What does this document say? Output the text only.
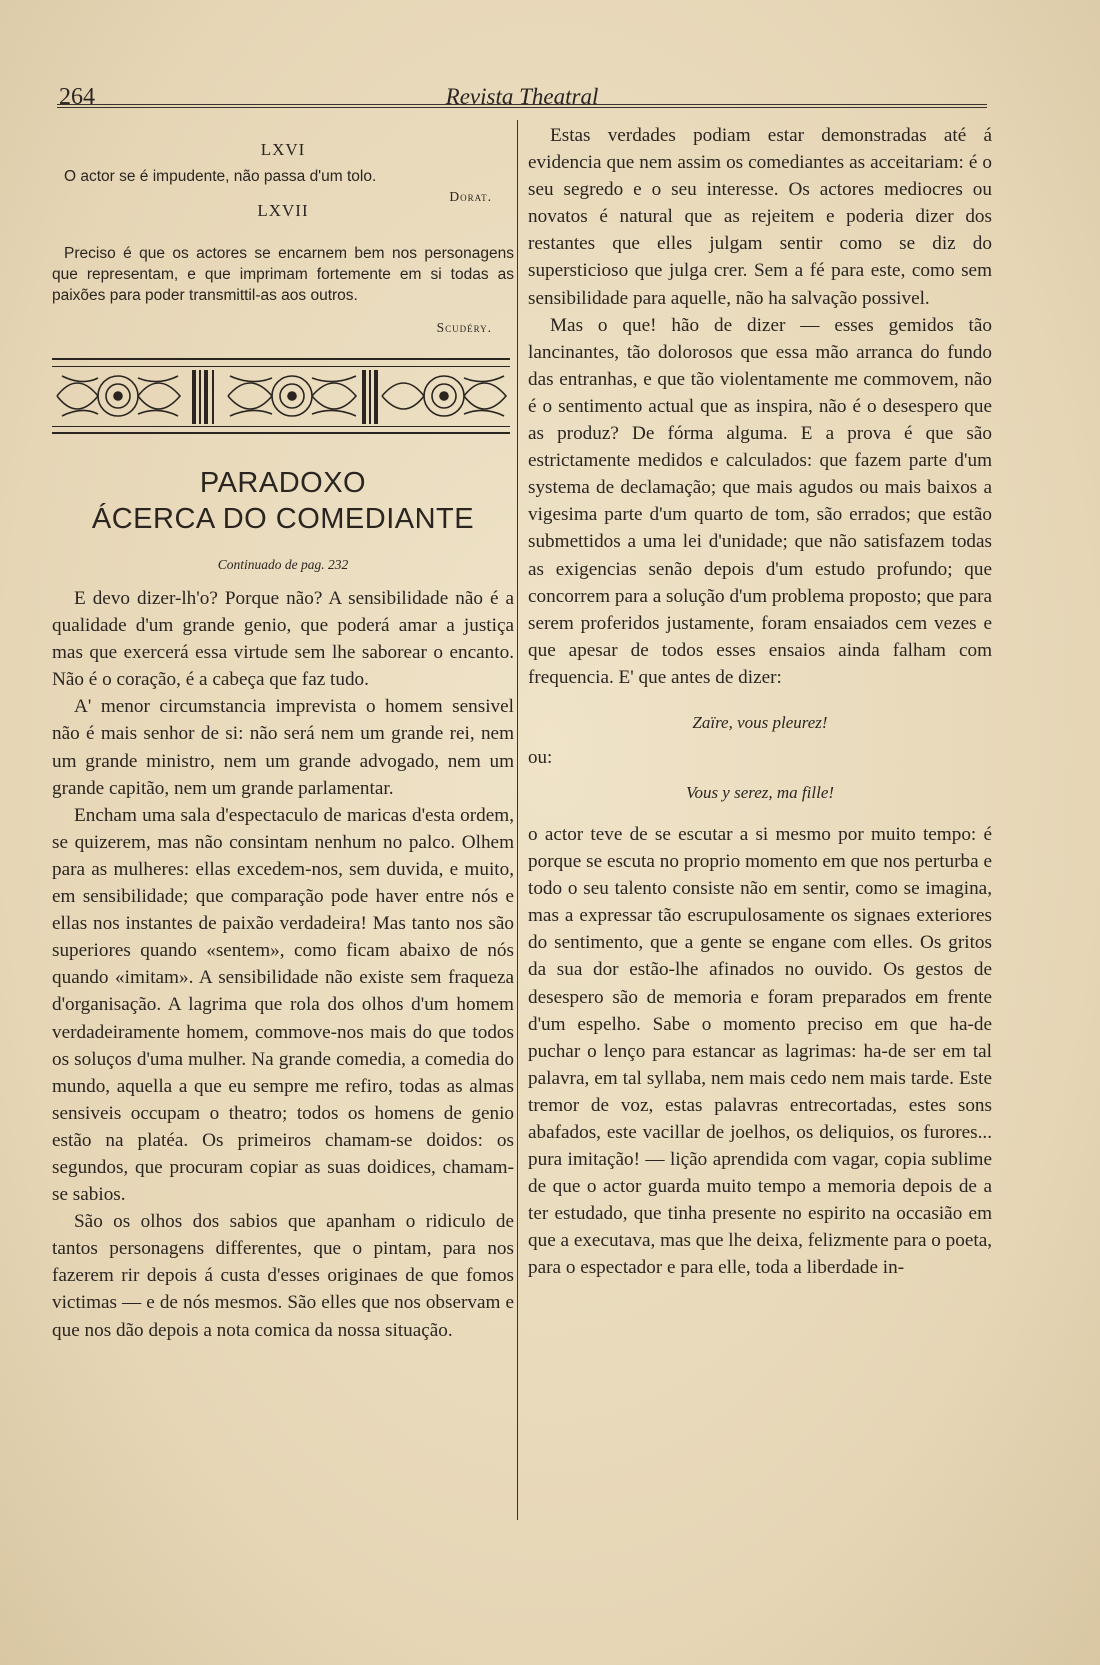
264	Revista Theatral
LXVI

O actor se é impudente, não passa d'um tolo.

Dorat.
LXVII

Preciso é que os actores se encarnem bem nos personagens que representam, e que imprimam fortemente em si todas as paixões para poder transmittil-as aos outros.

Scudéry.
PARADOXO
ÁCERCA DO COMEDIANTE
Continuado de pag. 232

E devo dizer-lh'o? Porque não? A sensibilidade não é a qualidade d'um grande genio, que poderá amar a justiça mas que exercerá essa virtude sem lhe saborear o encanto. Não é o coração, é a cabeça que faz tudo.

A' menor circumstancia imprevista o homem sensivel não é mais senhor de si: não será nem um grande rei, nem um grande ministro, nem um grande advogado, nem um grande capitão, nem um grande parlamentar.

Encham uma sala d'espectaculo de maricas d'esta ordem, se quizerem, mas não consintam nenhum no palco. Olhem para as mulheres: ellas excedem-nos, sem duvida, e muito, em sensibilidade; que comparação pode haver entre nós e ellas nos instantes de paixão verdadeira! Mas tanto nos são superiores quando «sentem», como ficam abaixo de nós quando «imitam». A sensibilidade não existe sem fraqueza d'organisação. A lagrima que rola dos olhos d'um homem verdadeiramente homem, commove-nos mais do que todos os soluços d'uma mulher. Na grande comedia, a comedia do mundo, aquella a que eu sempre me refiro, todas as almas sensiveis occupam o theatro; todos os homens de genio estão na platéa. Os primeiros chamam-se doidos: os segundos, que procuram copiar as suas doidices, chamam-se sabios.

São os olhos dos sabios que apanham o ridiculo de tantos personagens differentes, que o pintam, para nos fazerem rir depois á custa d'esses originaes de que fomos victimas — e de nós mesmos. São elles que nos observam e que nos dão depois a nota comica da nossa situação.

Estas verdades podiam estar demonstradas até á evidencia que nem assim os comediantes as acceitariam: é o seu segredo e o seu interesse. Os actores mediocres ou novatos é natural que as rejeitem e poderia dizer dos restantes que elles julgam sentir como se diz do supersticioso que julga crer. Sem a fé para este, como sem sensibilidade para aquelle, não ha salvação possivel.

Mas o que! hão de dizer — esses gemidos tão lancinantes, tão dolorosos que essa mão arranca do fundo das entranhas, e que tão violentamente me commovem, não é o sentimento actual que as inspira, não é o desespero que as produz? De fórma alguma. E a prova é que são estrictamente medidos e calculados: que fazem parte d'um systema de declamação; que mais agudos ou mais baixos a vigesima parte d'um quarto de tom, são errados; que estão submettidos a uma lei d'unidade; que não satisfazem todas as exigencias senão depois d'um estudo profundo; que concorrem para a solução d'um problema proposto; que para serem proferidos justamente, foram ensaiados cem vezes e que apesar de todos esses ensaios ainda falham com frequencia. E' que antes de dizer:

Zaïre, vous pleurez!

ou:

Vous y serez, ma fille!

o actor teve de se escutar a si mesmo por muito tempo: é porque se escuta no proprio momento em que nos perturba e todo o seu talento consiste não em sentir, como se imagina, mas a expressar tão escrupulosamente os signaes exteriores do sentimento, que a gente se engane com elles. Os gritos da sua dor estão-lhe afinados no ouvido. Os gestos de desespero são de memoria e foram preparados em frente d'um espelho. Sabe o momento preciso em que ha-de puchar o lenço para estancar as lagrimas: ha-de ser em tal palavra, em tal syllaba, nem mais cedo nem mais tarde. Este tremor de voz, estas palavras entrecortadas, estes sons abafados, este vacillar de joelhos, os deliquios, os furores... pura imitação! — lição aprendida com vagar, copia sublime de que o actor guarda muito tempo a memoria depois de a ter estudado, que tinha presente no espirito na occasião em que a executava, mas que lhe deixa, felizmente para o poeta, para o espectador e para elle, toda a liberdade in-
